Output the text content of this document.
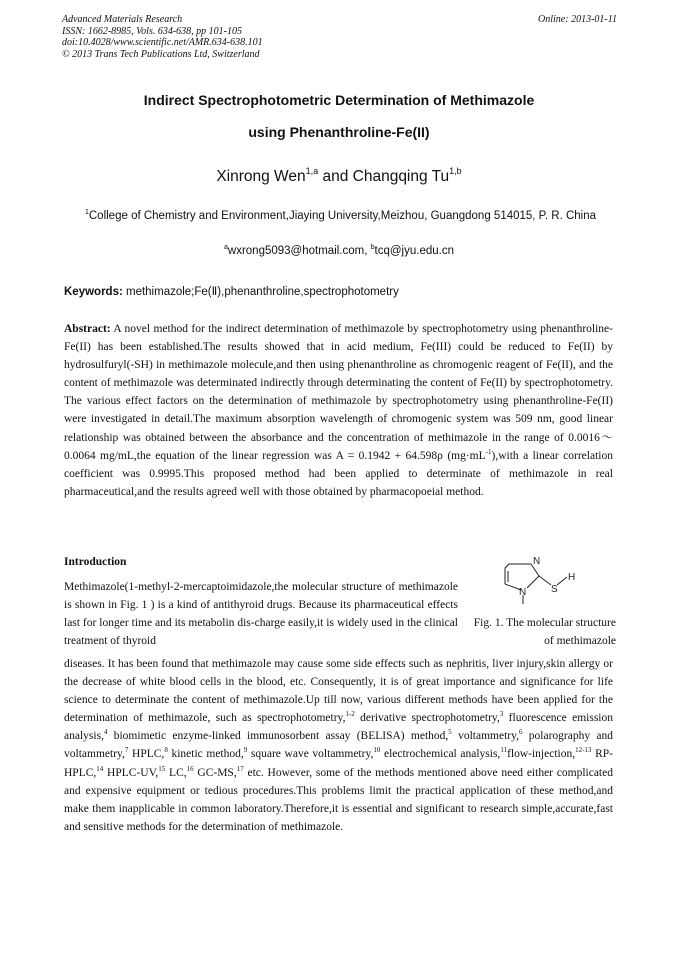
Advanced Materials Research
ISSN: 1662-8985, Vols. 634-638, pp 101-105
doi:10.4028/www.scientific.net/AMR.634-638.101
© 2013 Trans Tech Publications Ltd, Switzerland
Online: 2013-01-11
Indirect Spectrophotometric Determination of Methimazole
using Phenanthroline-Fe(II)
Xinrong Wen$^{1,a}$ and Changqing Tu$^{1,b}$
$^1$College of Chemistry and Environment,Jiaying University,Meizhou, Guangdong 514015, P. R. China
$^a$wxrong5093@hotmail.com, $^b$tcq@jyu.edu.cn
Keywords: methimazole;Fe(Ⅱ),phenanthroline,spectrophotometry
Abstract: A novel method for the indirect determination of methimazole by spectrophotometry using phenanthroline-Fe(II) has been established.The results showed that in acid medium, Fe(III) could be reduced to Fe(II) by hydrosulfuryl(-SH) in methimazole molecule,and then using phenanthroline as chromogenic reagent of Fe(II), and the content of methimazole was determinated indirectly through determinating the content of Fe(II) by spectrophotometry. The various effect factors on the determination of methimazole by spectrophotometry using phenanthroline-Fe(II) were investigated in detail.The maximum absorption wavelength of chromogenic system was 509 nm, good linear relationship was obtained between the absorbance and the concentration of methimazole in the range of 0.0016～0.0064 mg/mL,the equation of the linear regression was A = 0.1942 + 64.598ρ $(mg\cdot mL^{-1}),with$ a linear correlation coefficient was 0.9995.This proposed method had been applied to determinate of methimazole in real pharmaceutical,and the results agreed well with those obtained by pharmacopoeial method.
Introduction
Methimazole(1-methyl-2-mercaptoimidazole,the molecular structure of methimazole is shown in Fig. 1 ) is a kind of antithyroid drugs. Because its pharmaceutical effects last for longer time and its metabolin dis-charge easily,it is widely used in the clinical treatment of thyroid
N
N S
H
Fig. 1. The molecular structure of methimazole
diseases. It has been found that methimazole may cause some side effects such as nephritis, liver injury,skin allergy or the decrease of white blood cells in the blood, etc. Consequently, it is of great importance and significance for life science to determinate the content of methimazole.Up till now, various different methods have been applied for the determination of methimazole, such as spectrophotometry,$^{1-2}$ derivative spectrophotometry,$^3$ fluorescence emission analysis,$^4$ biomimetic enzyme-linked immunosorbent assay (BELISA) method,$^5$ voltammetry,$^6$ polarography and voltammetry,$^7$ HPLC,$^8$ kinetic method,$^9$ square wave voltammetry,$^{10}$ electrochemical analysis,$^{11}$flow-injection,$^{12-13}$ RP-HPLC,$^{14}$ HPLC-UV,$^{15}$ LC,$^{16}$ GC-MS,$^{17}$ etc. However, some of the methods mentioned above need either complicated and expensive equipment or tedious procedures.This problems limit the practical application of these method,and make them inapplicable in common laboratory.Therefore,it is essential and significant to research simple,accurate,fast and sensitive methods for the determination of methimazole.
